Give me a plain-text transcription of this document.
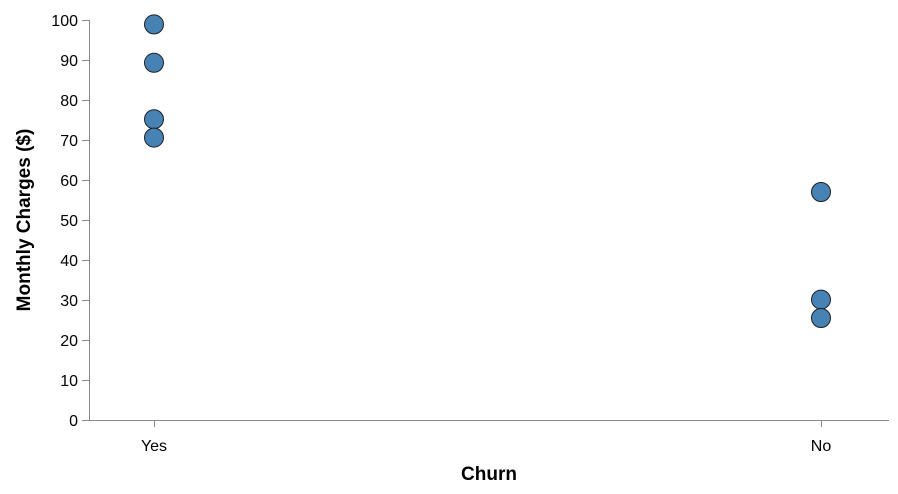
0
10
20
30
40
50
60
70
80
90
100
Yes	No
Churn
Monthly Charges ($)
